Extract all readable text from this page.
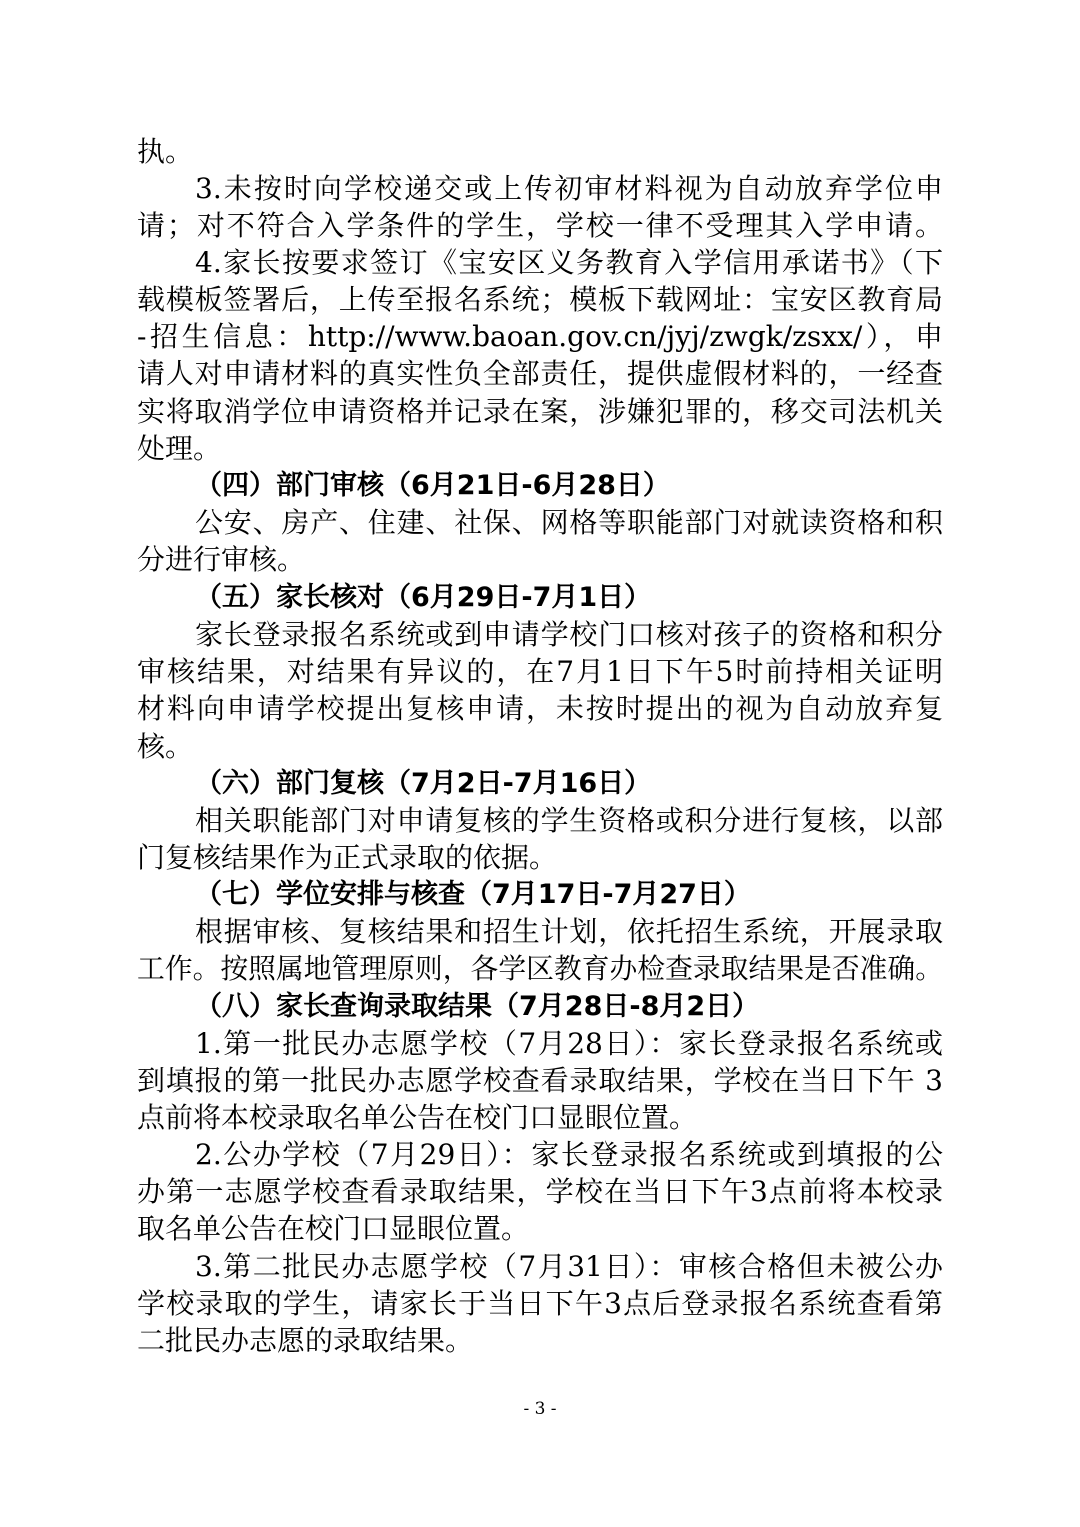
执。
3.未按时向学校递交或上传初审材料视为自动放弃学位申
请；对不符合入学条件的学生，学校一律不受理其入学申请。
4.家长按要求签订《宝安区义务教育入学信用承诺书》（下
载模板签署后，上传至报名系统；模板下载网址：宝安区教育局
-招生信息：http://www.baoan.gov.cn/jyj/zwgk/zsxx/），申
请人对申请材料的真实性负全部责任，提供虚假材料的，一经查
实将取消学位申请资格并记录在案，涉嫌犯罪的，移交司法机关
处理。
（四）部门审核（6月21日-6月28日）
公安、房产、住建、社保、网格等职能部门对就读资格和积
分进行审核。
（五）家长核对（6月29日-7月1日）
家长登录报名系统或到申请学校门口核对孩子的资格和积分
审核结果，对结果有异议的，在7月1日下午5时前持相关证明
材料向申请学校提出复核申请，未按时提出的视为自动放弃复
核。
（六）部门复核（7月2日-7月16日）
相关职能部门对申请复核的学生资格或积分进行复核，以部
门复核结果作为正式录取的依据。
（七）学位安排与核查（7月17日-7月27日）
根据审核、复核结果和招生计划，依托招生系统，开展录取
工作。按照属地管理原则，各学区教育办检查录取结果是否准确。
（八）家长查询录取结果（7月28日-8月2日）
1.第一批民办志愿学校（7月28日）：家长登录报名系统或
到填报的第一批民办志愿学校查看录取结果，学校在当日下午 3
点前将本校录取名单公告在校门口显眼位置。
2.公办学校（7月29日）：家长登录报名系统或到填报的公
办第一志愿学校查看录取结果，学校在当日下午3点前将本校录
取名单公告在校门口显眼位置。
3.第二批民办志愿学校（7月31日）：审核合格但未被公办
学校录取的学生，请家长于当日下午3点后登录报名系统查看第
二批民办志愿的录取结果。
- 3 -
